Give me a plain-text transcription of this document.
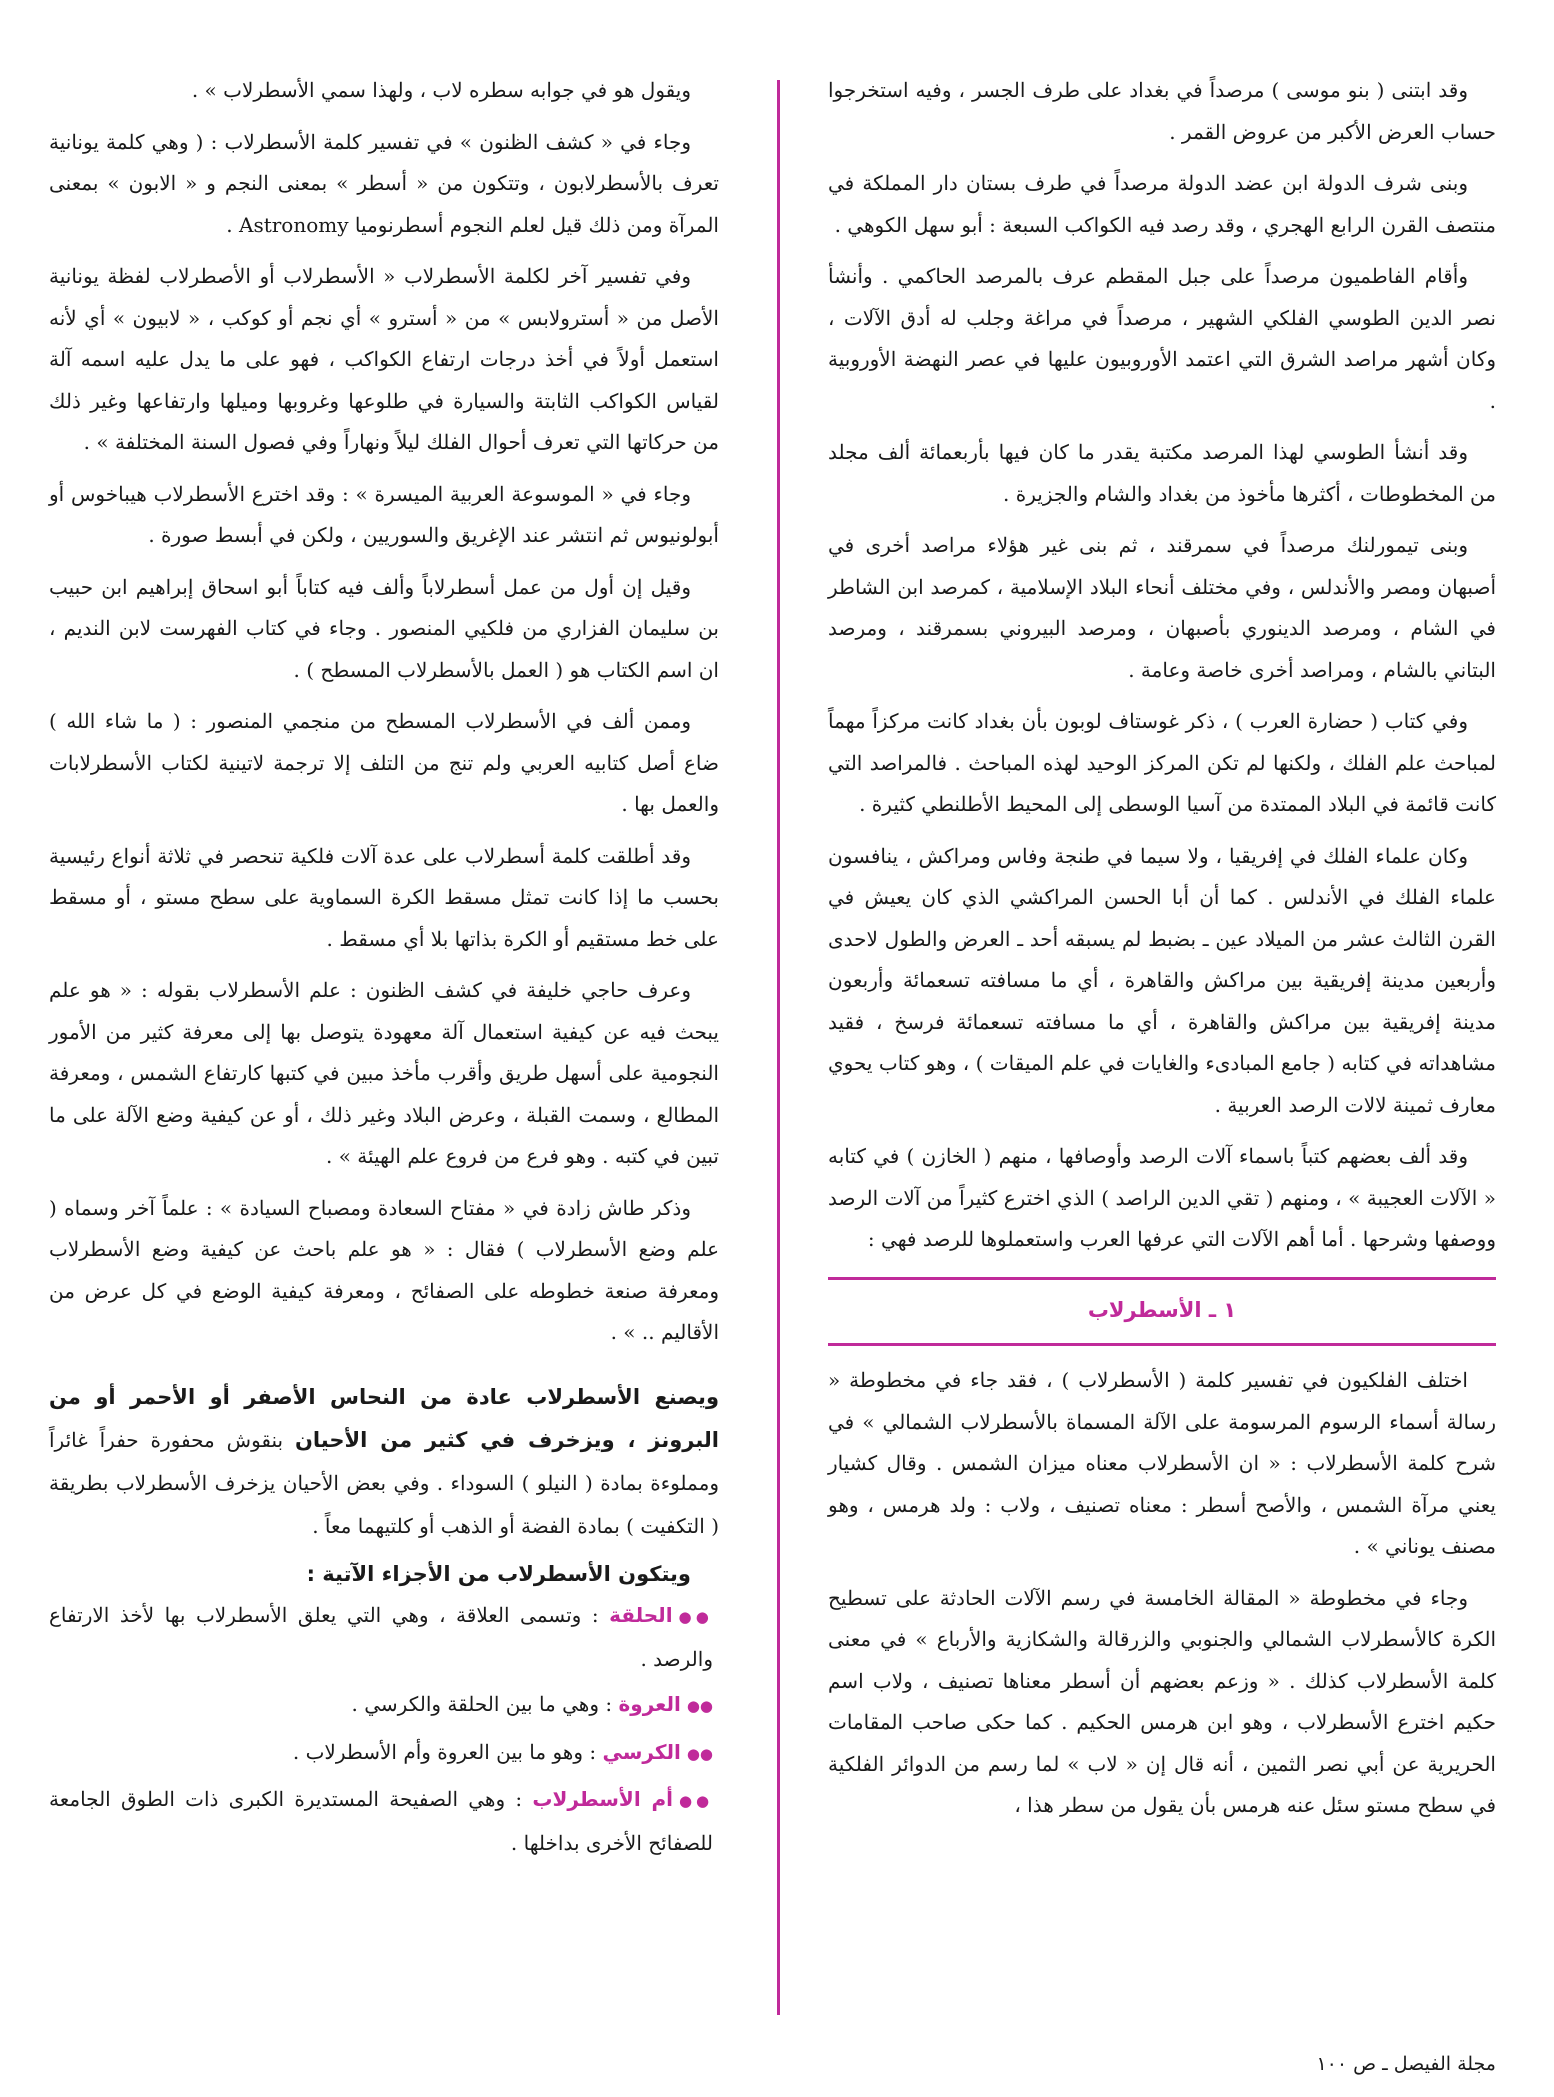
وقد ابتنى ( بنو موسى ) مرصداً في بغداد على طرف الجسر ، وفيه استخرجوا حساب العرض الأكبر من عروض القمر .

وبنى شرف الدولة ابن عضد الدولة مرصداً في طرف بستان دار المملكة في منتصف القرن الرابع الهجري ، وقد رصد فيه الكواكب السبعة : أبو سهل الكوهي .

وأقام الفاطميون مرصداً على جبل المقطم عرف بالمرصد الحاكمي . وأنشأ نصر الدين الطوسي الفلكي الشهير ، مرصداً في مراغة وجلب له أدق الآلات ، وكان أشهر مراصد الشرق التي اعتمد الأوروبيون عليها في عصر النهضة الأوروبية .

وقد أنشأ الطوسي لهذا المرصد مكتبة يقدر ما كان فيها بأربعمائة ألف مجلد من المخطوطات ، أكثرها مأخوذ من بغداد والشام والجزيرة .

وبنى تيمورلنك مرصداً في سمرقند ، ثم بنى غير هؤلاء مراصد أخرى في أصبهان ومصر والأندلس ، وفي مختلف أنحاء البلاد الإسلامية ، كمرصد ابن الشاطر في الشام ، ومرصد الدينوري بأصبهان ، ومرصد البيروني بسمرقند ، ومرصد البتاني بالشام ، ومراصد أخرى خاصة وعامة .

وفي كتاب ( حضارة العرب ) ، ذكر غوستاف لوبون بأن بغداد كانت مركزاً مهماً لمباحث علم الفلك ، ولكنها لم تكن المركز الوحيد لهذه المباحث . فالمراصد التي كانت قائمة في البلاد الممتدة من آسيا الوسطى إلى المحيط الأطلنطي كثيرة .

وكان علماء الفلك في إفريقيا ، ولا سيما في طنجة وفاس ومراكش ، ينافسون علماء الفلك في الأندلس . كما أن أبا الحسن المراكشي الذي كان يعيش في القرن الثالث عشر من الميلاد عين ـ بضبط لم يسبقه أحد ـ العرض والطول لاحدى وأربعين مدينة إفريقية بين مراكش والقاهرة ، أي ما مسافته تسعمائة وأربعون مدينة إفريقية بين مراكش والقاهرة ، أي ما مسافته تسعمائة فرسخ ، فقيد مشاهداته في كتابه ( جامع المبادىء والغايات في علم الميقات ) ، وهو كتاب يحوي معارف ثمينة لالات الرصد العربية .

وقد ألف بعضهم كتباً باسماء آلات الرصد وأوصافها ، منهم ( الخازن ) في كتابه « الآلات العجيبة » ، ومنهم ( تقي الدين الراصد ) الذي اخترع كثيراً من آلات الرصد ووصفها وشرحها . أما أهم الآلات التي عرفها العرب واستعملوها للرصد فهي :

١ ـ الأسطرلاب

اختلف الفلكيون في تفسير كلمة ( الأسطرلاب ) ، فقد جاء في مخطوطة « رسالة أسماء الرسوم المرسومة على الآلة المسماة بالأسطرلاب الشمالي » في شرح كلمة الأسطرلاب : « ان الأسطرلاب معناه ميزان الشمس . وقال كشيار يعني مرآة الشمس ، والأصح أسطر : معناه تصنيف ، ولاب : ولد هرمس ، وهو مصنف يوناني » .

وجاء في مخطوطة « المقالة الخامسة في رسم الآلات الحادثة على تسطيح الكرة كالأسطرلاب الشمالي والجنوبي والزرقالة والشكازية والأرباع » في معنى كلمة الأسطرلاب كذلك . « وزعم بعضهم أن أسطر معناها تصنيف ، ولاب اسم حكيم اخترع الأسطرلاب ، وهو ابن هرمس الحكيم . كما حكى صاحب المقامات الحريرية عن أبي نصر الثمين ، أنه قال إن « لاب » لما رسم من الدوائر الفلكية في سطح مستو سئل عنه هرمس بأن يقول من سطر هذا ،

ويقول هو في جوابه سطره لاب ، ولهذا سمي الأسطرلاب » .

وجاء في « كشف الظنون » في تفسير كلمة الأسطرلاب : ( وهي كلمة يونانية تعرف بالأسطرلابون ، وتتكون من « أسطر » بمعنى النجم و « الابون » بمعنى المرآة ومن ذلك قيل لعلم النجوم أسطرنوميا Astronomy .

وفي تفسير آخر لكلمة الأسطرلاب « الأسطرلاب أو الأصطرلاب لفظة يونانية الأصل من « أسترولابس » من « أسترو » أي نجم أو كوكب ، « لابيون » أي لأنه استعمل أولاً في أخذ درجات ارتفاع الكواكب ، فهو على ما يدل عليه اسمه آلة لقياس الكواكب الثابتة والسيارة في طلوعها وغروبها وميلها وارتفاعها وغير ذلك من حركاتها التي تعرف أحوال الفلك ليلاً ونهاراً وفي فصول السنة المختلفة » .

وجاء في « الموسوعة العربية الميسرة » : وقد اخترع الأسطرلاب هيباخوس أو أبولونيوس ثم انتشر عند الإغريق والسوريين ، ولكن في أبسط صورة .

وقيل إن أول من عمل أسطرلاباً وألف فيه كتاباً أبو اسحاق إبراهيم ابن حبيب بن سليمان الفزاري من فلكيي المنصور . وجاء في كتاب الفهرست لابن النديم ، ان اسم الكتاب هو ( العمل بالأسطرلاب المسطح ) .

وممن ألف في الأسطرلاب المسطح من منجمي المنصور : ( ما شاء الله ) ضاع أصل كتابيه العربي ولم تنج من التلف إلا ترجمة لاتينية لكتاب الأسطرلابات والعمل بها .

وقد أطلقت كلمة أسطرلاب على عدة آلات فلكية تنحصر في ثلاثة أنواع رئيسية بحسب ما إذا كانت تمثل مسقط الكرة السماوية على سطح مستو ، أو مسقط على خط مستقيم أو الكرة بذاتها بلا أي مسقط .

وعرف حاجي خليفة في كشف الظنون : علم الأسطرلاب بقوله : « هو علم يبحث فيه عن كيفية استعمال آلة معهودة يتوصل بها إلى معرفة كثير من الأمور النجومية على أسهل طريق وأقرب مأخذ مبين في كتبها كارتفاع الشمس ، ومعرفة المطالع ، وسمت القبلة ، وعرض البلاد وغير ذلك ، أو عن كيفية وضع الآلة على ما تبين في كتبه . وهو فرع من فروع علم الهيئة » .

وذكر طاش زادة في « مفتاح السعادة ومصباح السيادة » : علماً آخر وسماه ( علم وضع الأسطرلاب ) فقال : « هو علم باحث عن كيفية وضع الأسطرلاب ومعرفة صنعة خطوطه على الصفائح ، ومعرفة كيفية الوضع في كل عرض من الأقاليم .. » .

ويصنع الأسطرلاب عادة من النحاس الأصفر أو الأحمر أو من البرونز ، ويزخرف في كثير من الأحيان بنقوش محفورة حفراً غائراً ومملوءة بمادة ( النيلو ) السوداء . وفي بعض الأحيان يزخرف الأسطرلاب بطريقة ( التكفيت ) بمادة الفضة أو الذهب أو كلتيهما معاً .

ويتكون الأسطرلاب من الأجزاء الآتية :

●●الحلقة : وتسمى العلاقة ، وهي التي يعلق الأسطرلاب بها لأخذ الارتفاع والرصد .

●●العروة : وهي ما بين الحلقة والكرسي .

●●الكرسي : وهو ما بين العروة وأم الأسطرلاب .

●●أم الأسطرلاب : وهي الصفيحة المستديرة الكبرى ذات الطوق الجامعة للصفائح الأخرى بداخلها .

مجلة الفيصل ـ ص ١٠٠
